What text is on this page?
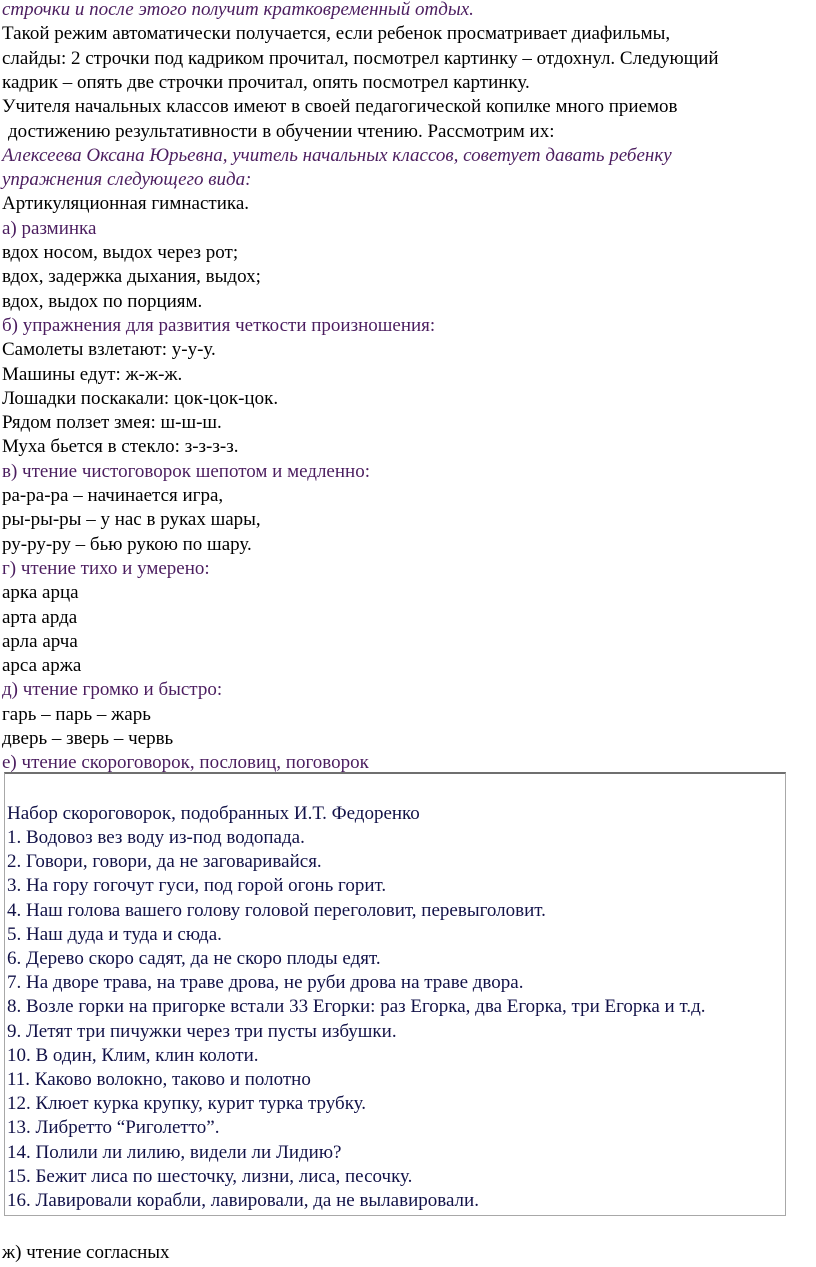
строчки и после этого получит кратковременный отдых.
Такой режим автоматически получается, если ребенок просматривает диафильмы,
слайды: 2 строчки под кадриком прочитал, посмотрел картинку – отдохнул. Следующий
кадрик – опять две строчки прочитал, опять посмотрел картинку.
Учителя начальных классов имеют в своей педагогической копилке много приемов
достижению результативности в обучении чтению. Рассмотрим их:
Алексеева Оксана Юрьевна, учитель начальных классов, советует давать ребенку
упражнения следующего вида:
Артикуляционная гимнастика.
а) разминка
вдох носом, выдох через рот;
вдох, задержка дыхания, выдох;
вдох, выдох по порциям.
б) упражнения для развития четкости произношения:
Самолеты взлетают: у-у-у.
Машины едут: ж-ж-ж.
Лошадки поскакали: цок-цок-цок.
Рядом ползет змея: ш-ш-ш.
Муха бьется в стекло: з-з-з-з.
в) чтение чистоговорок шепотом и медленно:
ра-ра-ра – начинается игра,
ры-ры-ры – у нас в руках шары,
ру-ру-ру – бью рукою по шару.
г) чтение тихо и умерено:
арка арца
арта арда
арла арча
арса аржа
д) чтение громко и быстро:
гарь – парь – жарь
дверь – зверь – червь
е) чтение скороговорок, пословиц, поговорок
Набор скороговорок, подобранных И.Т. Федоренко
1. Водовоз вез воду из-под водопада.
2. Говори, говори, да не заговаривайся.
3. На гору гогочут гуси, под горой огонь горит.
4. Наш голова вашего голову головой переголовит, перевыголовит.
5. Наш дуда и туда и сюда.
6. Дерево скоро садят, да не скоро плоды едят.
7. На дворе трава, на траве дрова, не руби дрова на траве двора.
8. Возле горки на пригорке встали 33 Егорки: раз Егорка, два Егорка, три Егорка и т.д.
9. Летят три пичужки через три пусты избушки.
10. В один, Клим, клин колоти.
11. Каково волокно, таково и полотно
12. Клюет курка крупку, курит турка трубку.
13. Либретто “Риголетто”.
14. Полили ли лилию, видели ли Лидию?
15. Бежит лиса по шесточку, лизни, лиса, песочку.
16. Лавировали корабли, лавировали, да не вылавировали.
ж) чтение согласных
